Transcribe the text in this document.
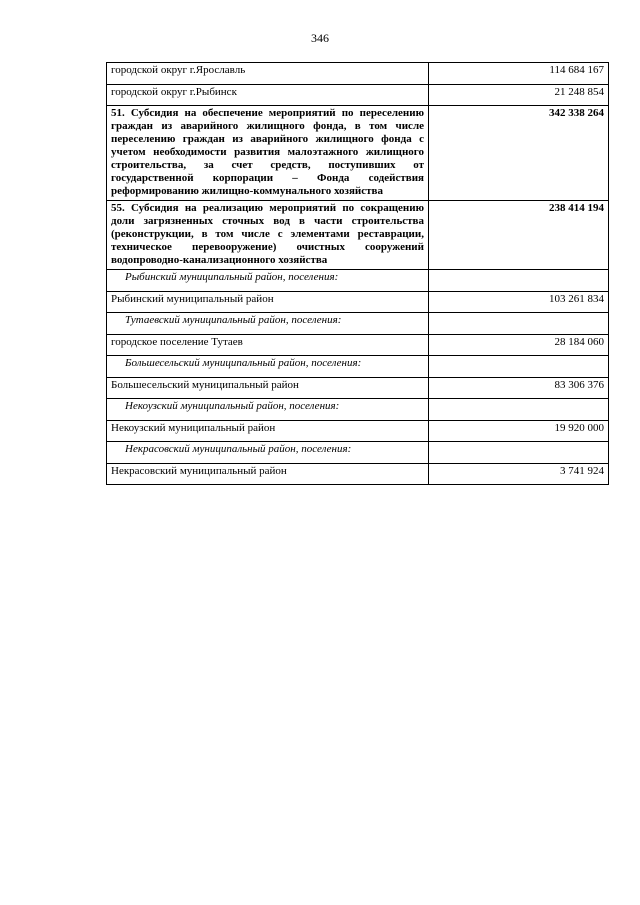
346
городской округ г.Ярославль	114 684 167
городской округ г.Рыбинск	21 248 854
51. Субсидия на обеспечение мероприятий по переселению граждан из аварийного жилищного фонда, в том числе переселению граждан из аварийного жилищного фонда с учетом необходимости развития малоэтажного жилищного строительства, за счет средств, поступивших от государственной корпорации – Фонда содействия реформированию жилищно-коммунального хозяйства	342 338 264
55. Субсидия на реализацию мероприятий по сокращению доли загрязненных сточных вод в части строительства (реконструкции, в том числе с элементами реставрации, техническое перевооружение) очистных сооружений водопроводно-канализационного хозяйства	238 414 194
Рыбинский муниципальный район, поселения:	
Рыбинский муниципальный район	103 261 834
Тутаевский муниципальный район, поселения:	
городское поселение Тутаев	28 184 060
Большесельский муниципальный район, поселения:	
Большесельский муниципальный район	83 306 376
Некоузский муниципальный район, поселения:	
Некоузский муниципальный район	19 920 000
Некрасовский муниципальный район, поселения:	
Некрасовский муниципальный район	3 741 924
